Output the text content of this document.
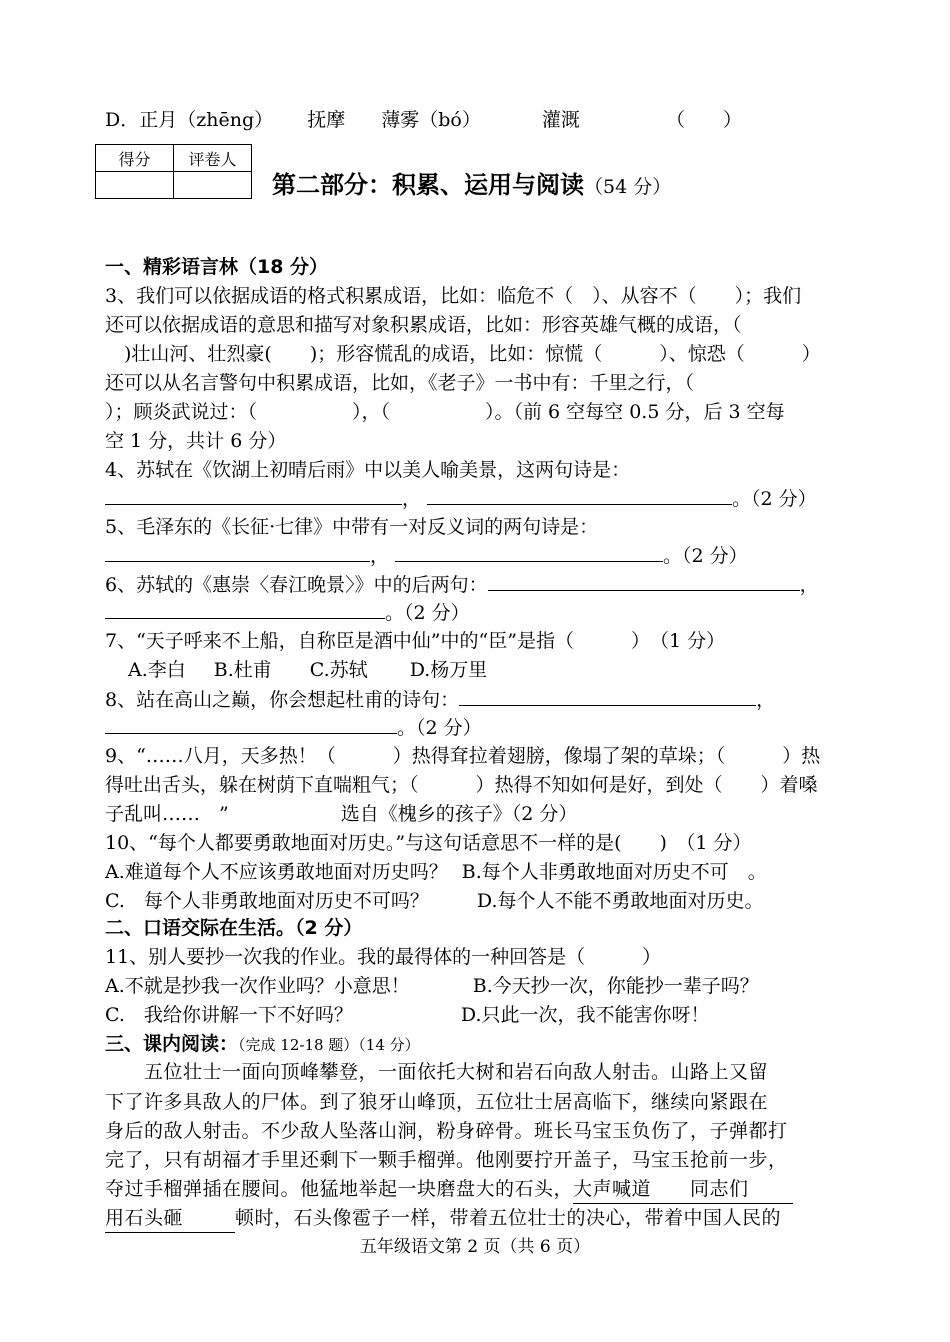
D．正月（zhēng） 抚摩 薄雾（bó）	灌溉	（　　）
得分	评卷人

第二部分：积累、运用与阅读（54 分）
一、精彩语言林（18 分）
3、我们可以依据成语的格式积累成语，比如：临危不（　）、从容不（　　）；我们
还可以依据成语的意思和描写对象积累成语，比如：形容英雄气概的成语，（
　)壮山河、壮烈豪(　　)；形容慌乱的成语，比如：惊慌（　　　）、惊恐（　　　）
还可以从名言警句中积累成语，比如，《老子》一书中有：千里之行，（
）；顾炎武说过：（　　　　　），（　　　　　）。（前 6 空每空 0.5 分，后 3 空每
空 1 分，共计 6 分）
4、苏轼在《饮湖上初晴后雨》中以美人喻美景，这两句诗是：
，	。（2 分）
5、毛泽东的《长征·七律》中带有一对反义词的两句诗是：
，	。（2 分）
6、苏轼的《惠崇〈春江晚景〉》中的后两句：	，
。（2 分）
7、“天子呼来不上船，自称臣是酒中仙”中的“臣”是指（　　　）　（1 分）
A.李白 B.杜甫 C.苏轼 D.杨万里
8、站在高山之巅，你会想起杜甫的诗句：	，
。（2 分）
9、“……八月，天多热！（　　　）热得耷拉着翅膀，像塌了架的草垛；（　　　）热
得吐出舌头，躲在树荫下直喘粗气；（　　　）热得不知如何是好，到处（　　）着嗓
子乱叫……　”	选自《槐乡的孩子》（2 分）
10、“每个人都要勇敢地面对历史。”与这句话意思不一样的是(　　)　（1 分）
A.难道每个人不应该勇敢地面对历史吗？ B.每个人非勇敢地面对历史不可　。
C.　每个人非勇敢地面对历史不可吗？	D.每个人不能不勇敢地面对历史。
二、口语交际在生活。（2 分）
11、别人要抄一次我的作业。我的最得体的一种回答是（　　　）
A.不就是抄我一次作业吗？小意思！	B.今天抄一次，你能抄一辈子吗？
C.　我给你讲解一下不好吗？	D.只此一次，我不能害你呀！
三、课内阅读：（完成 12-18 题）（14 分）
　　五位壮士一面向顶峰攀登，一面依托大树和岩石向敌人射击。山路上又留
下了许多具敌人的尸体。到了狼牙山峰顶，五位壮士居高临下，继续向紧跟在
身后的敌人射击。不少敌人坠落山涧，粉身碎骨。班长马宝玉负伤了，子弹都打
完了，只有胡福才手里还剩下一颗手榴弹。他刚要拧开盖子，马宝玉抢前一步，
夺过手榴弹插在腰间。他猛地举起一块磨盘大的石头，大声喊道　　同志们
用石头砸	顿时，石头像雹子一样，带着五位壮士的决心，带着中国人民的
五年级语文第 2 页（共 6 页）
